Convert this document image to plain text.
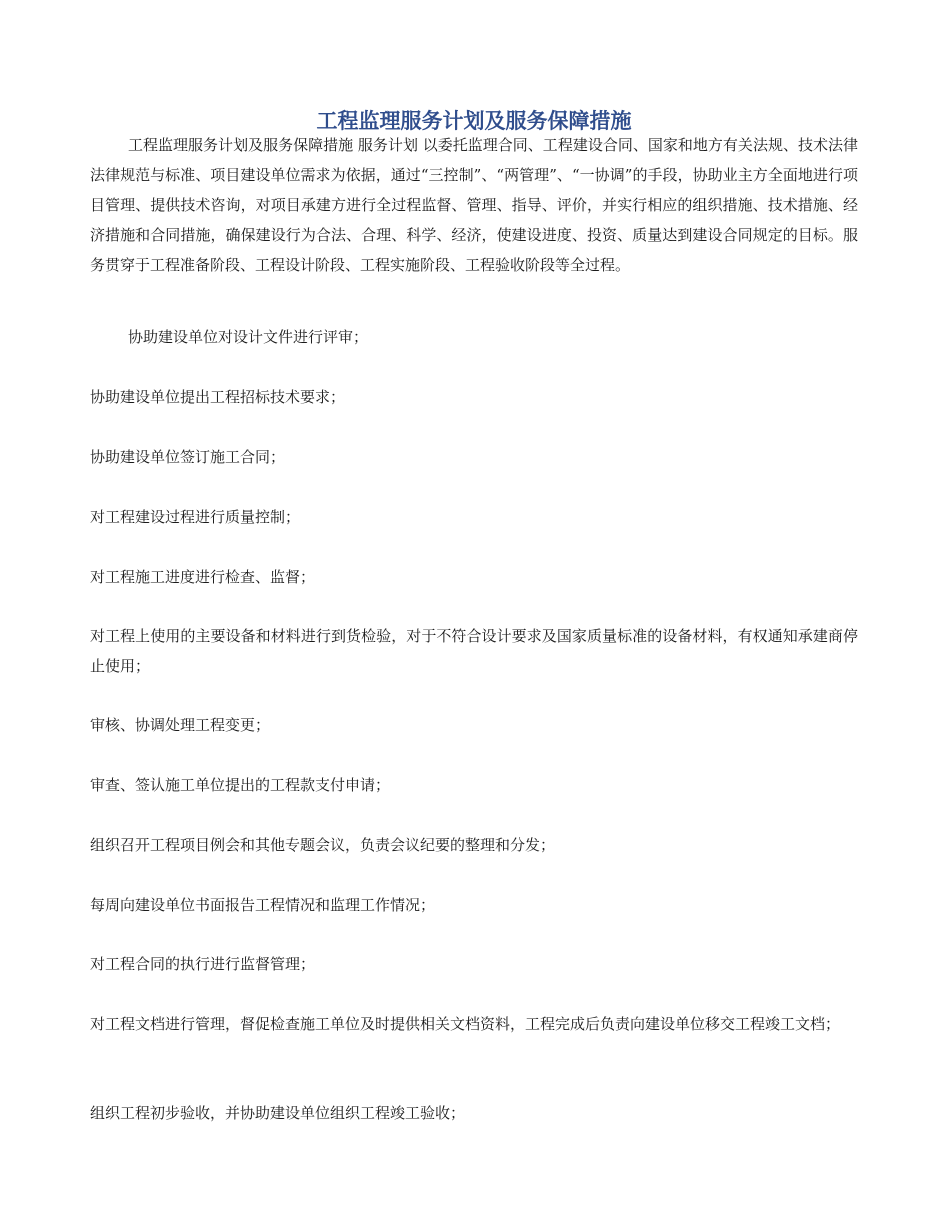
工程监理服务计划及服务保障措施

工程监理服务计划及服务保障措施 服务计划 以委托监理合同、工程建设合同、国家和地方有关法规、技术法律法律规范与标准、项目建设单位需求为依据，通过“三控制”、“两管理”、“一协调”的手段，协助业主方全面地进行项目管理、提供技术咨询，对项目承建方进行全过程监督、管理、指导、评价，并实行相应的组织措施、技术措施、经济措施和合同措施，确保建设行为合法、合理、科学、经济，使建设进度、投资、质量达到建设合同规定的目标。服务贯穿于工程准备阶段、工程设计阶段、工程实施阶段、工程验收阶段等全过程。

协助建设单位对设计文件进行评审；

协助建设单位提出工程招标技术要求；

协助建设单位签订施工合同；

对工程建设过程进行质量控制；

对工程施工进度进行检查、监督；

对工程上使用的主要设备和材料进行到货检验，对于不符合设计要求及国家质量标准的设备材料，有权通知承建商停止使用；

审核、协调处理工程变更；

审查、签认施工单位提出的工程款支付申请；

组织召开工程项目例会和其他专题会议，负责会议纪要的整理和分发；

每周向建设单位书面报告工程情况和监理工作情况；

对工程合同的执行进行监督管理；

对工程文档进行管理，督促检查施工单位及时提供相关文档资料，工程完成后负责向建设单位移交工程竣工文档；

组织工程初步验收，并协助建设单位组织工程竣工验收；
